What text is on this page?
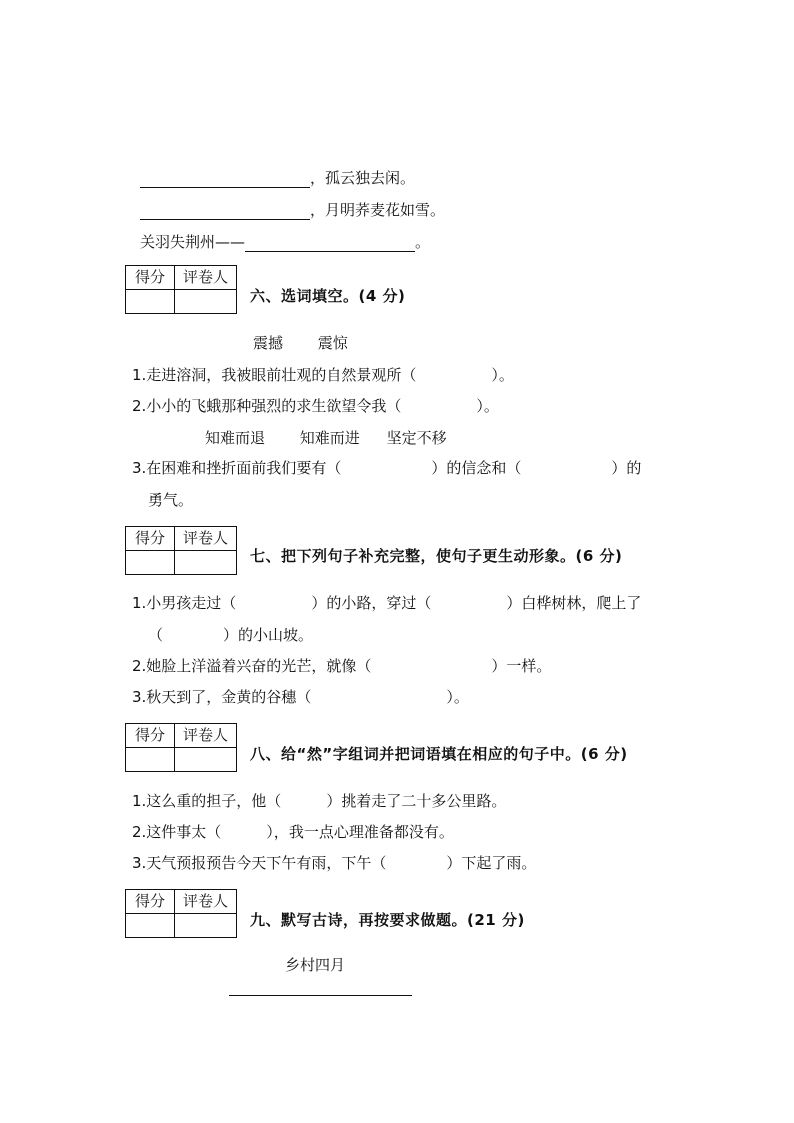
，孤云独去闲。
，月明荞麦花如雪。
关羽失荆州——	。
得分	评卷人

六、选词填空。(4 分)
震撼 震惊
1.走进溶洞，我被眼前壮观的自然景观所（　　　　　）。
2.小小的飞蛾那种强烈的求生欲望令我（　　　　　）。
知难而退 知难而进 坚定不移
3.在困难和挫折面前我们要有（　　　　　　）的信念和（　　　　　　）的
勇气。
得分	评卷人

七、把下列句子补充完整，使句子更生动形象。(6 分)
1.小男孩走过（　　　　　）的小路，穿过（　　　　　）白桦树林，爬上了
（　　　　）的小山坡。
2.她脸上洋溢着兴奋的光芒，就像（　　　　　　　　）一样。
3.秋天到了，金黄的谷穗（　　　　　　　　　）。
得分	评卷人

八、给“然”字组词并把词语填在相应的句子中。(6 分)
1.这么重的担子，他（　　　）挑着走了二十多公里路。
2.这件事太（　　　），我一点心理准备都没有。
3.天气预报预告今天下午有雨，下午（　　　　）下起了雨。
得分	评卷人

九、默写古诗，再按要求做题。(21 分)
乡村四月
